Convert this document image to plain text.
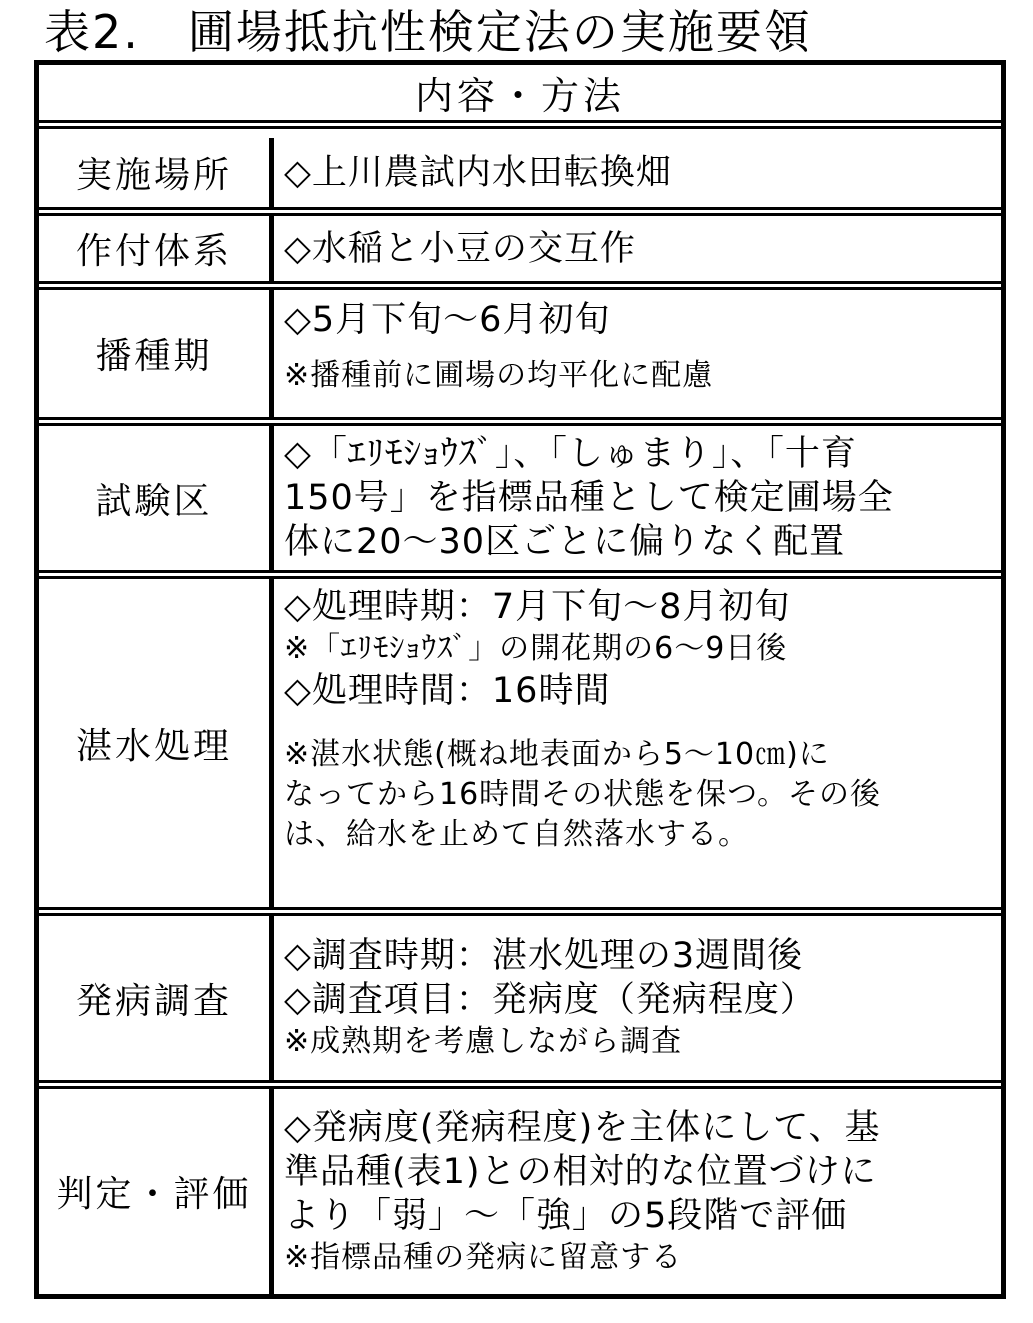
表2.　圃場抵抗性検定法の実施要領
内容・方法
実施場所	◇上川農試内水田転換畑
作付体系	◇水稲と小豆の交互作
播種期
◇5月下旬～6月初旬
※播種前に圃場の均平化に配慮
試験区
◇「ｴﾘﾓｼｮｳｽﾞ」、「しゅまり」、「十育
150号」を指標品種として検定圃場全
体に20～30区ごとに偏りなく配置
湛水処理
◇処理時期：7月下旬～8月初旬
※「ｴﾘﾓｼｮｳｽﾞ」の開花期の6～9日後
◇処理時間：16時間
※湛水状態(概ね地表面から5～10㎝)に
なってから16時間その状態を保つ。その後
は、給水を止めて自然落水する。
発病調査
◇調査時期：湛水処理の3週間後
◇調査項目：発病度（発病程度）
※成熟期を考慮しながら調査
判定・評価
◇発病度(発病程度)を主体にして、基
準品種(表1)との相対的な位置づけに
より「弱」～「強」の5段階で評価
※指標品種の発病に留意する
